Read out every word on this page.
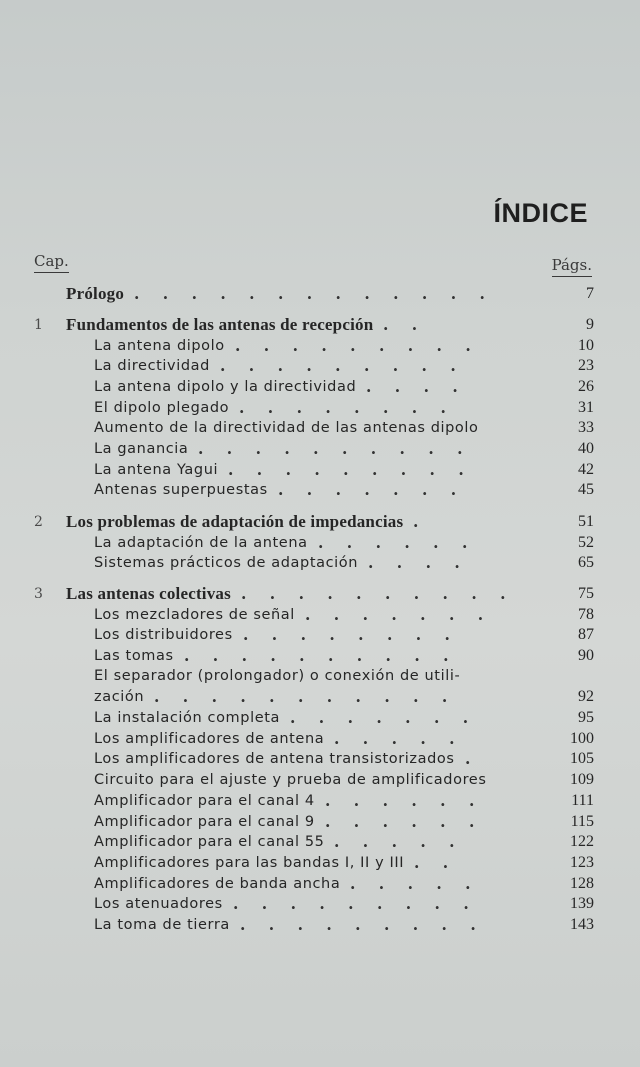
ÍNDICE
Cap.	Págs.
Prólogo . . . . . . . . . . . . .	7
1 Fundamentos de las antenas de recepción . .	9
La antena dipolo . . . . . . . . .	10
La directividad . . . . . . . . .	23
La antena dipolo y la directividad . . . .	26
El dipolo plegado . . . . . . . .	31
Aumento de la directividad de las antenas dipolo	33
La ganancia . . . . . . . . . .	40
La antena Yagui . . . . . . . . .	42
Antenas superpuestas . . . . . . .	45
2 Los problemas de adaptación de impedancias .	51
La adaptación de la antena . . . . . .	52
Sistemas prácticos de adaptación . . . .	65
3 Las antenas colectivas . . . . . . . . . .	75
Los mezcladores de señal . . . . . . .	78
Los distribuidores . . . . . . . .	87
Las tomas . . . . . . . . . .	90
El separador (prolongador) o conexión de utili-
zación . . . . . . . . . . .	92
La instalación completa . . . . . . .	95
Los amplificadores de antena . . . . .	100
Los amplificadores de antena transistorizados .	105
Circuito para el ajuste y prueba de amplificadores	109
Amplificador para el canal 4 . . . . . .	111
Amplificador para el canal 9 . . . . . .	115
Amplificador para el canal 55 . . . . .	122
Amplificadores para las bandas I, II y III . .	123
Amplificadores de banda ancha . . . . .	128
Los atenuadores . . . . . . . . .	139
La toma de tierra . . . . . . . . .	143
